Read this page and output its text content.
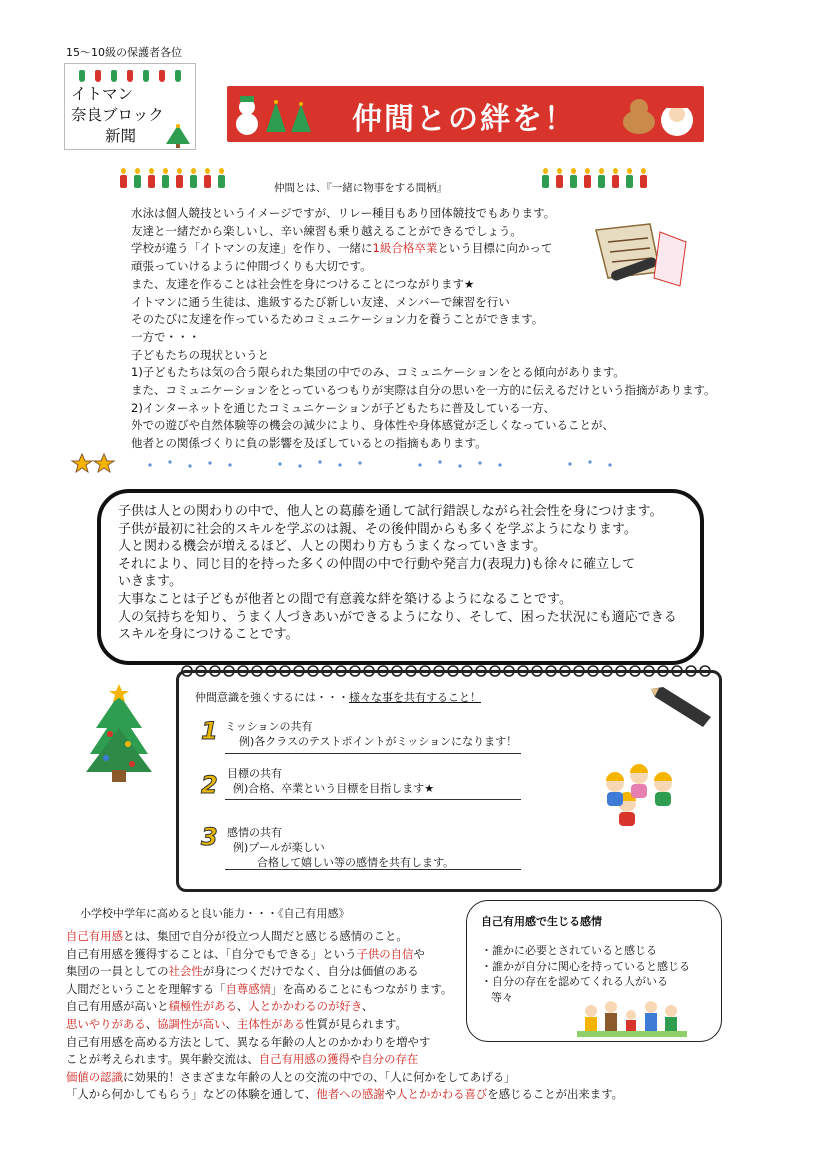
15～10級の保護者各位
イトマン
奈良ブロック
新聞	仲間との絆を！
仲間とは、『一緒に物事をする間柄』
水泳は個人競技というイメージですが、リレー種目もあり団体競技でもあります。
友達と一緒だから楽しいし、辛い練習も乗り越えることができるでしょう。
学校が違う「イトマンの友達」を作り、一緒に1級合格卒業という目標に向かって
頑張っていけるように仲間づくりも大切です。
また、友達を作ることは社会性を身につけることにつながります★
イトマンに通う生徒は、進級するたび新しい友達、メンバーで練習を行い
そのたびに友達を作っているためコミュニケーション力を養うことができます。
一方で・・・
子どもたちの現状というと
1)子どもたちは気の合う限られた集団の中でのみ、コミュニケーションをとる傾向があります。
また、コミュニケーションをとっているつもりが実際は自分の思いを一方的に伝えるだけという指摘があります。
2)インターネットを通じたコミュニケーションが子どもたちに普及している一方、
外での遊びや自然体験等の機会の減少により、身体性や身体感覚が乏しくなっていることが、
他者との関係づくりに負の影響を及ぼしているとの指摘もあります。
子供は人との関わりの中で、他人との葛藤を通して試行錯誤しながら社会性を身につけます。
子供が最初に社会的スキルを学ぶのは親、その後仲間からも多くを学ぶようになります。
人と関わる機会が増えるほど、人との関わり方もうまくなっていきます。
それにより、同じ目的を持った多くの仲間の中で行動や発言力(表現力)も徐々に確立して
いきます。
大事なことは子どもが他者との間で有意義な絆を築けるようになることです。
人の気持ちを知り、うまく人づきあいができるようになり、そして、困った状況にも適応できる
スキルを身につけることです。
仲間意識を強くするには・・・様々な事を共有すること！
1 ミッションの共有
例)各クラスのテストポイントがミッションになります！
2 目標の共有
例)合格、卒業という目標を目指します★
3 感情の共有
例)プールが楽しい
合格して嬉しい等の感情を共有します。
小学校中学年に高めると良い能力・・・《自己有用感》
自己有用感とは、集団で自分が役立つ人間だと感じる感情のこと。
自己有用感を獲得することは、「自分でもできる」という子供の自信や
集団の一員としての社会性が身につくだけでなく、自分は価値のある
人間だということを理解する「自尊感情」を高めることにもつながります。
自己有用感が高いと積極性がある、人とかかわるのが好き、
思いやりがある、協調性が高い、主体性がある性質が見られます。
自己有用感を高める方法として、異なる年齢の人とのかかわりを増やす
ことが考えられます。異年齢交流は、自己有用感の獲得や自分の存在
価値の認識に効果的！さまざまな年齢の人との交流の中での、「人に何かをしてあげる」
「人から何かしてもらう」などの体験を通して、他者への感謝や人とかかわる喜びを感じることが出来ます。
自己有用感で生じる感情
・誰かに必要とされていると感じる
・誰かが自分に関心を持っていると感じる
・自分の存在を認めてくれる人がいる
等々
